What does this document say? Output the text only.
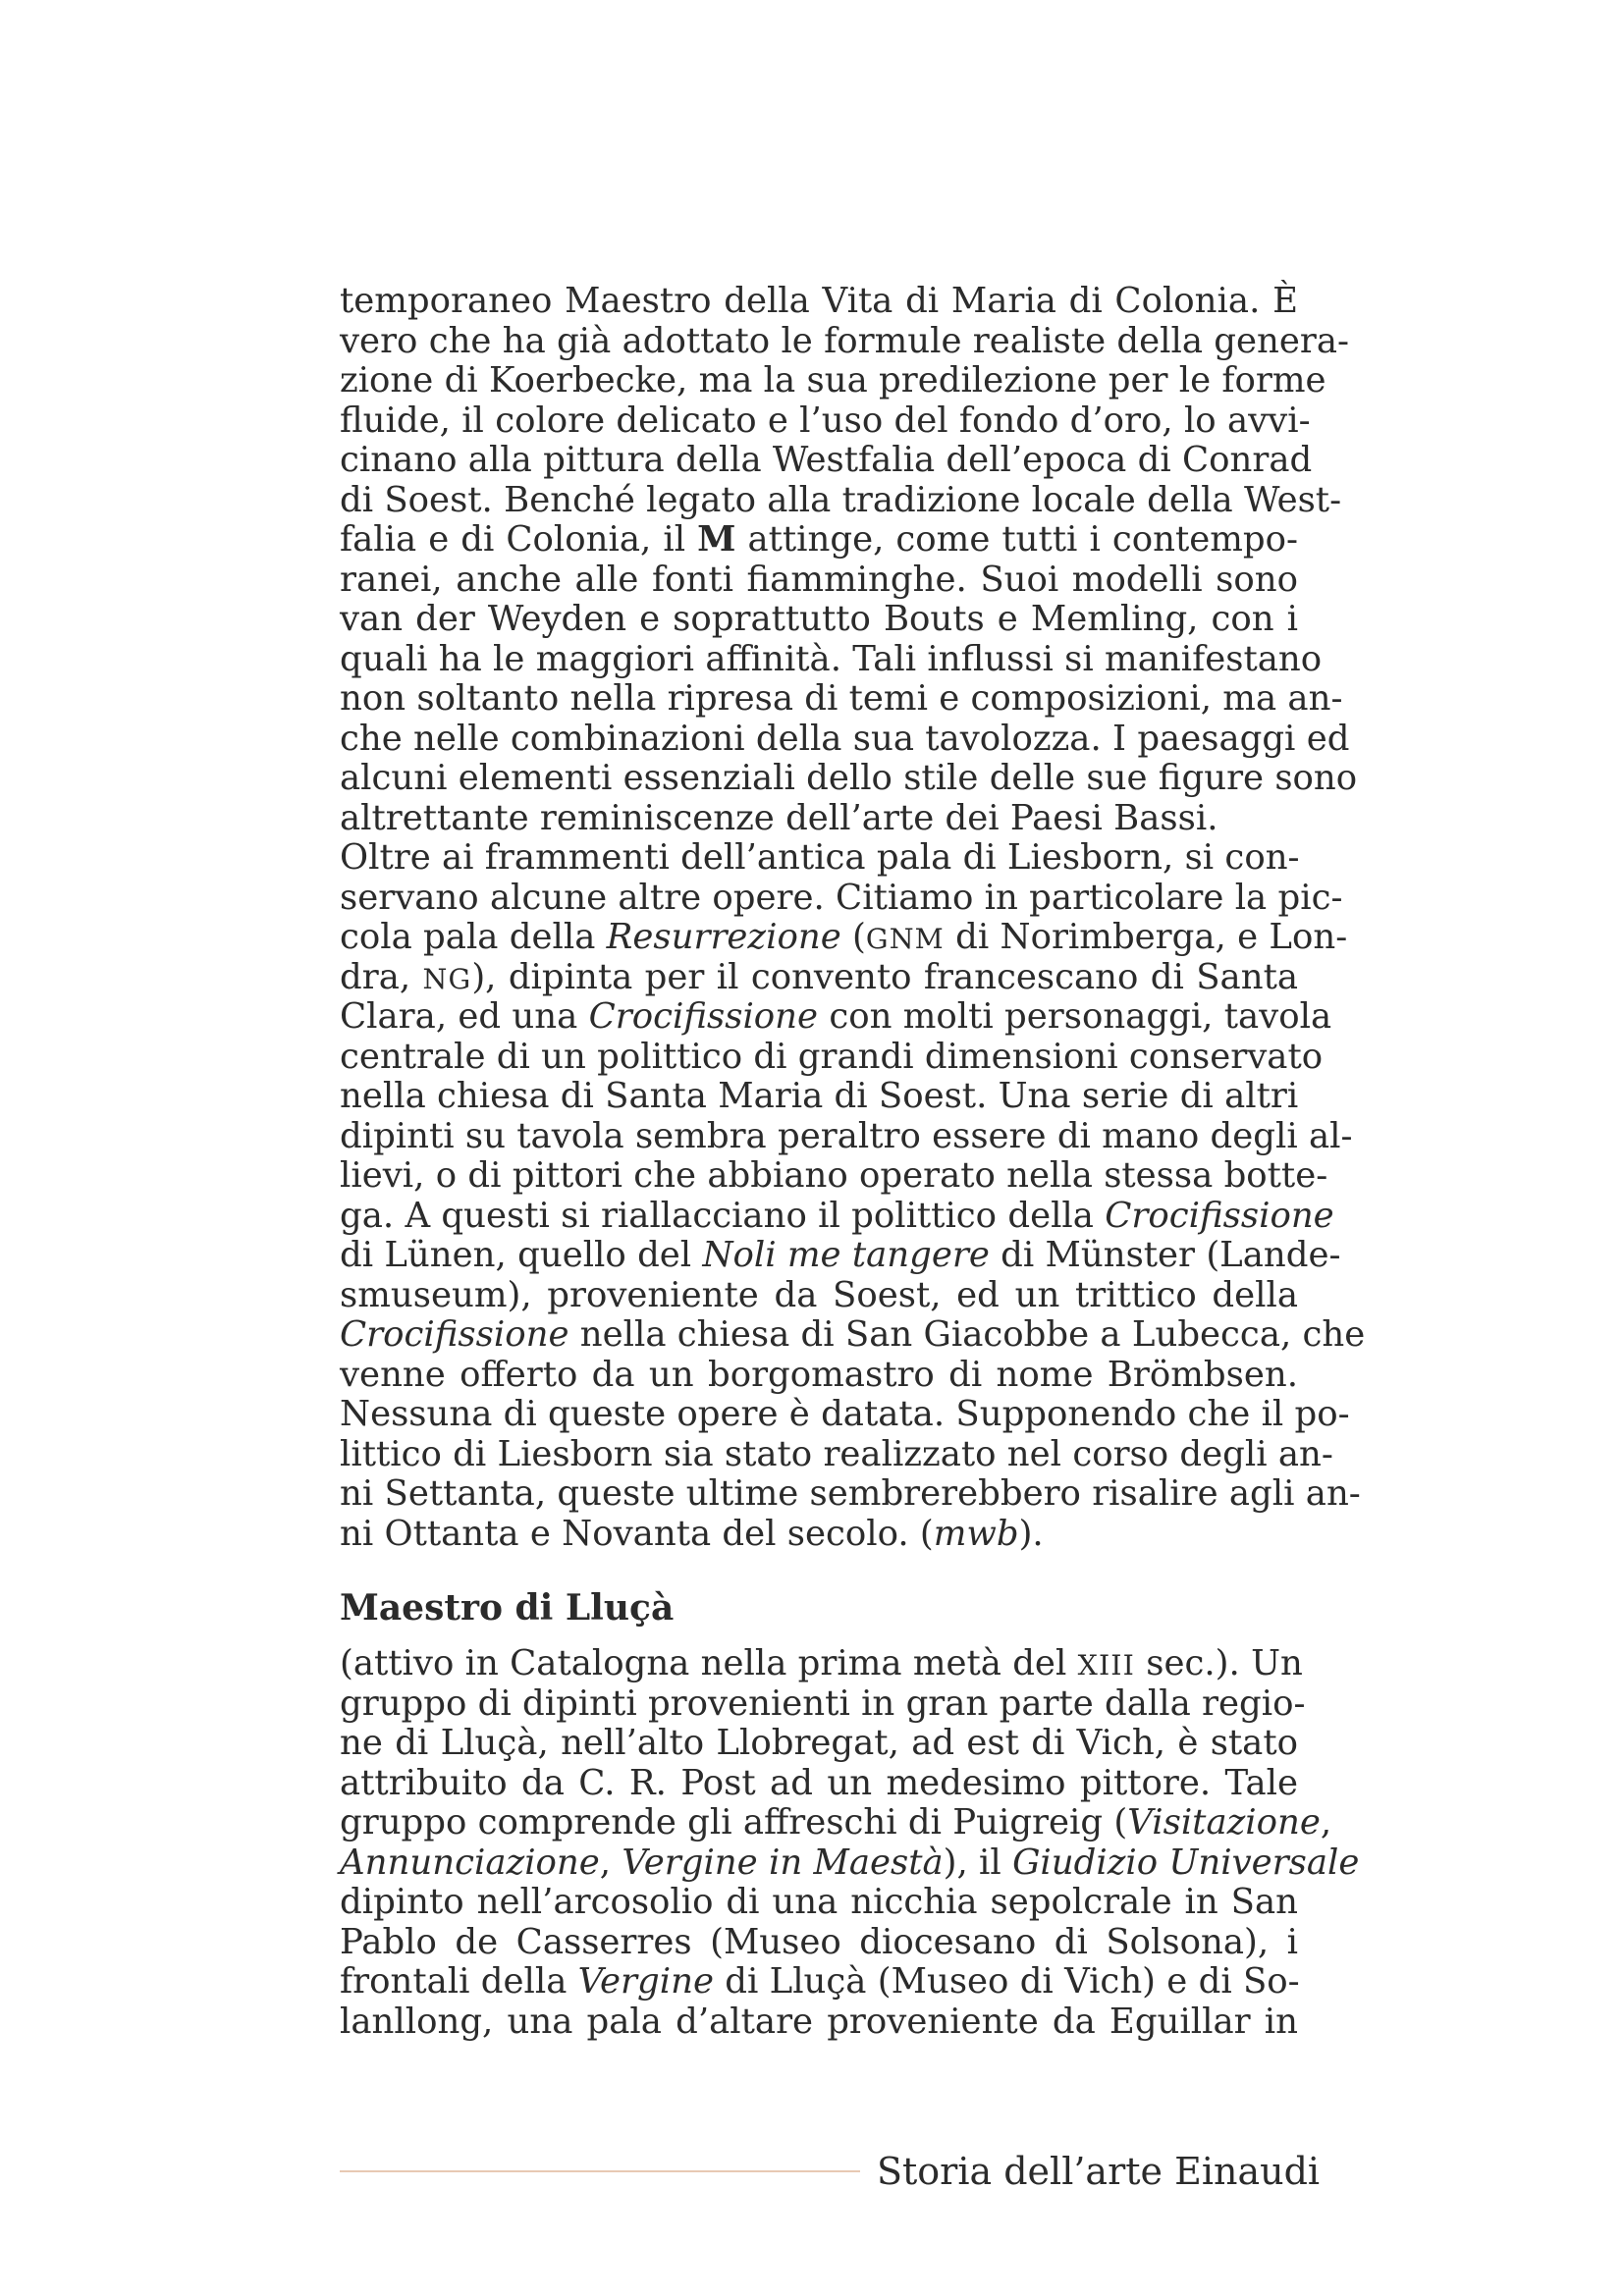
temporaneo Maestro della Vita di Maria di Colonia. È
vero che ha già adottato le formule realiste della genera-
zione di Koerbecke, ma la sua predilezione per le forme
fluide, il colore delicato e l’uso del fondo d’oro, lo avvi-
cinano alla pittura della Westfalia dell’epoca di Conrad
di Soest. Benché legato alla tradizione locale della West-
falia e di Colonia, il M attinge, come tutti i contempo-
ranei, anche alle fonti fiamminghe. Suoi modelli sono
van der Weyden e soprattutto Bouts e Memling, con i
quali ha le maggiori affinità. Tali influssi si manifestano
non soltanto nella ripresa di temi e composizioni, ma an-
che nelle combinazioni della sua tavolozza. I paesaggi ed
alcuni elementi essenziali dello stile delle sue figure sono
altrettante reminiscenze dell’arte dei Paesi Bassi.
Oltre ai frammenti dell’antica pala di Liesborn, si con-
servano alcune altre opere. Citiamo in particolare la pic-
cola pala della Resurrezione (GNM di Norimberga, e Lon-
dra, NG), dipinta per il convento francescano di Santa
Clara, ed una Crocifissione con molti personaggi, tavola
centrale di un polittico di grandi dimensioni conservato
nella chiesa di Santa Maria di Soest. Una serie di altri
dipinti su tavola sembra peraltro essere di mano degli al-
lievi, o di pittori che abbiano operato nella stessa botte-
ga. A questi si riallacciano il polittico della Crocifissione
di Lünen, quello del Noli me tangere di Münster (Lande-
smuseum), proveniente da Soest, ed un trittico della
Crocifissione nella chiesa di San Giacobbe a Lubecca, che
venne offerto da un borgomastro di nome Brömbsen.
Nessuna di queste opere è datata. Supponendo che il po-
littico di Liesborn sia stato realizzato nel corso degli an-
ni Settanta, queste ultime sembrerebbero risalire agli an-
ni Ottanta e Novanta del secolo. (mwb).
Maestro di Lluçà
(attivo in Catalogna nella prima metà del XIII sec.). Un
gruppo di dipinti provenienti in gran parte dalla regio-
ne di Lluçà, nell’alto Llobregat, ad est di Vich, è stato
attribuito da C. R. Post ad un medesimo pittore. Tale
gruppo comprende gli affreschi di Puigreig (Visitazione,
Annunciazione, Vergine in Maestà), il Giudizio Universale
dipinto nell’arcosolio di una nicchia sepolcrale in San
Pablo de Casserres (Museo diocesano di Solsona), i
frontali della Vergine di Lluçà (Museo di Vich) e di So-
lanllong, una pala d’altare proveniente da Eguillar in
Storia dell’arte Einaudi
